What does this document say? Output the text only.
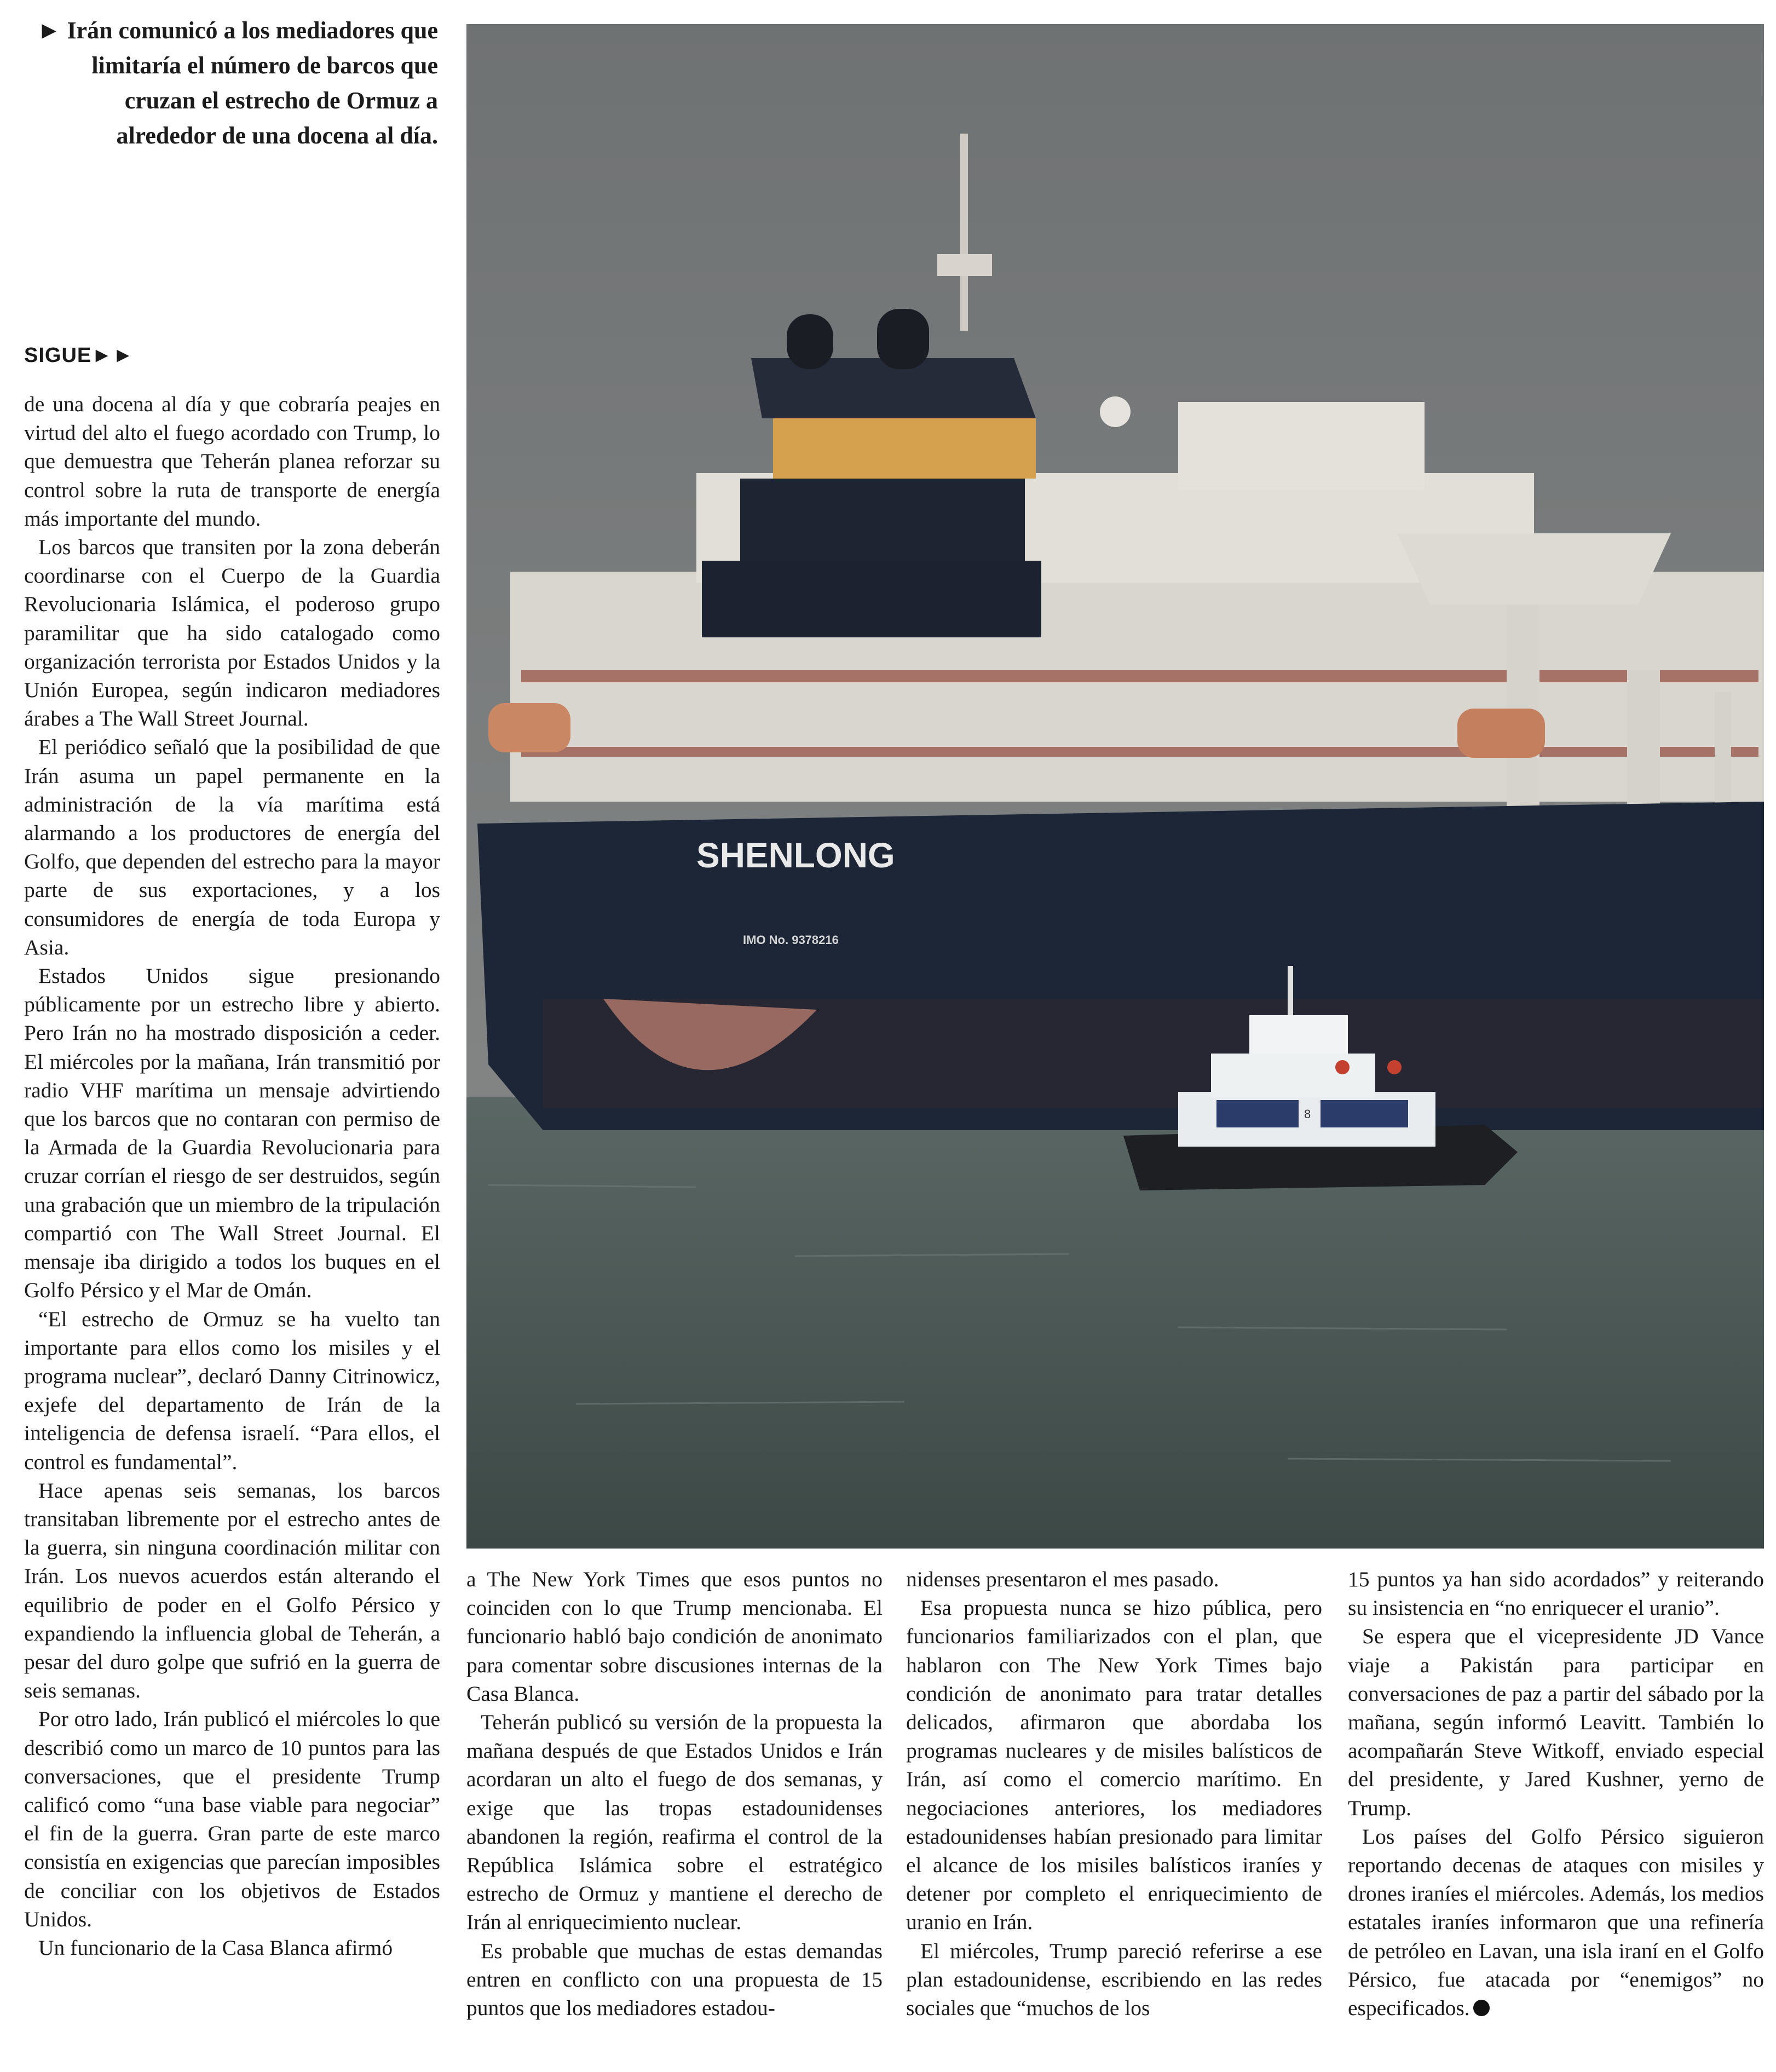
► Irán comunicó a los mediadores que limitaría el número de barcos que cruzan el estrecho de Ormuz a alrededor de una docena al día.
SIGUE►►
SHENLONG
IMO No. 9378216
8

de una docena al día y que cobraría peajes en virtud del alto el fuego acordado con Trump, lo que demuestra que Teherán planea reforzar su control sobre la ruta de transporte de energía más importante del mundo.

Los barcos que transiten por la zona deberán coordinarse con el Cuerpo de la Guardia Revolucionaria Islámica, el poderoso grupo paramilitar que ha sido catalogado como organización terrorista por Estados Unidos y la Unión Europea, según indicaron mediadores árabes a The Wall Street Journal.

El periódico señaló que la posibilidad de que Irán asuma un papel permanente en la administración de la vía marítima está alarmando a los productores de energía del Golfo, que dependen del estrecho para la mayor parte de sus exportaciones, y a los consumidores de energía de toda Europa y Asia.

Estados Unidos sigue presionando públicamente por un estrecho libre y abierto. Pero Irán no ha mostrado disposición a ceder. El miércoles por la mañana, Irán transmitió por radio VHF marítima un mensaje advirtiendo que los barcos que no contaran con permiso de la Armada de la Guardia Revolucionaria para cruzar corrían el riesgo de ser destruidos, según una grabación que un miembro de la tripulación compartió con The Wall Street Journal. El mensaje iba dirigido a todos los buques en el Golfo Pérsico y el Mar de Omán.

“El estrecho de Ormuz se ha vuelto tan importante para ellos como los misiles y el programa nuclear”, declaró Danny Citrinowicz, exjefe del departamento de Irán de la inteligencia de defensa israelí. “Para ellos, el control es fundamental”.

Hace apenas seis semanas, los barcos transitaban libremente por el estrecho antes de la guerra, sin ninguna coordinación militar con Irán. Los nuevos acuerdos están alterando el equilibrio de poder en el Golfo Pérsico y expandiendo la influencia global de Teherán, a pesar del duro golpe que sufrió en la guerra de seis semanas.

Por otro lado, Irán publicó el miércoles lo que describió como un marco de 10 puntos para las conversaciones, que el presidente Trump calificó como “una base viable para negociar” el fin de la guerra. Gran parte de este marco consistía en exigencias que parecían imposibles de conciliar con los objetivos de Estados Unidos.

Un funcionario de la Casa Blanca afirmó

a The New York Times que esos puntos no coinciden con lo que Trump mencionaba. El funcionario habló bajo condición de anonimato para comentar sobre discusiones internas de la Casa Blanca.

Teherán publicó su versión de la propuesta la mañana después de que Estados Unidos e Irán acordaran un alto el fuego de dos semanas, y exige que las tropas estadounidenses abandonen la región, reafirma el control de la República Islámica sobre el estratégico estrecho de Ormuz y mantiene el derecho de Irán al enriquecimiento nuclear.

Es probable que muchas de estas demandas entren en conflicto con una propuesta de 15 puntos que los mediadores estadou-

nidenses presentaron el mes pasado.

Esa propuesta nunca se hizo pública, pero funcionarios familiarizados con el plan, que hablaron con The New York Times bajo condición de anonimato para tratar detalles delicados, afirmaron que abordaba los programas nucleares y de misiles balísticos de Irán, así como el comercio marítimo. En negociaciones anteriores, los mediadores estadounidenses habían presionado para limitar el alcance de los misiles balísticos iraníes y detener por completo el enriquecimiento de uranio en Irán.

El miércoles, Trump pareció referirse a ese plan estadounidense, escribiendo en las redes sociales que “muchos de los

15 puntos ya han sido acordados” y reiterando su insistencia en “no enriquecer el uranio”.

Se espera que el vicepresidente JD Vance viaje a Pakistán para participar en conversaciones de paz a partir del sábado por la mañana, según informó Leavitt. También lo acompañarán Steve Witkoff, enviado especial del presidente, y Jared Kushner, yerno de Trump.

Los países del Golfo Pérsico siguieron reportando decenas de ataques con misiles y drones iraníes el miércoles. Además, los medios estatales iraníes informaron que una refinería de petróleo en Lavan, una isla iraní en el Golfo Pérsico, fue atacada por “enemigos” no especificados.
